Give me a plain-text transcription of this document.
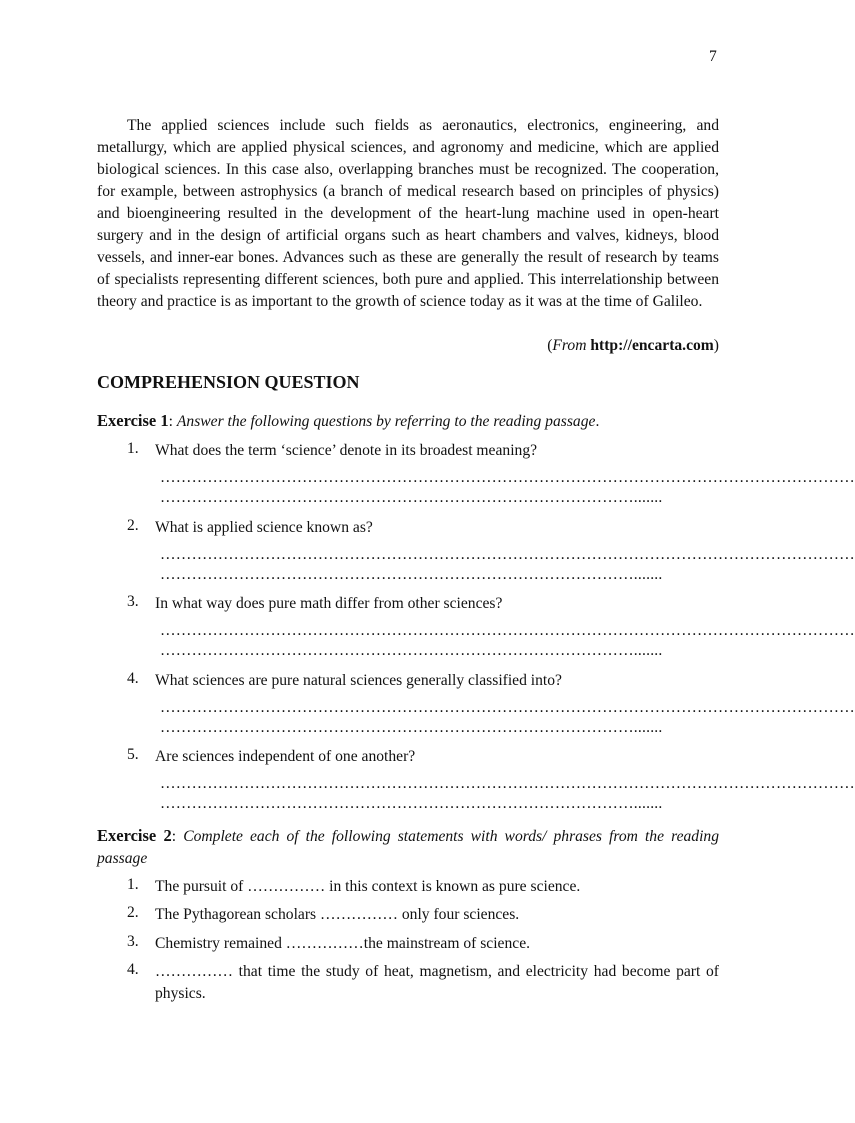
7

The applied sciences include such fields as aeronautics, electronics, engineering, and metallurgy, which are applied physical sciences, and agronomy and medicine, which are applied biological sciences. In this case also, overlapping branches must be recognized. The cooperation, for example, between astrophysics (a branch of medical research based on principles of physics) and bioengineering resulted in the development of the heart-lung machine used in open-heart surgery and in the design of artificial organs such as heart chambers and valves, kidneys, blood vessels, and inner-ear bones. Advances such as these are generally the result of research by teams of specialists representing different sciences, both pure and applied. This interrelationship between theory and practice is as important to the growth of science today as it was at the time of Galileo.

(From http://encarta.com)
COMPREHENSION QUESTION
Exercise 1: Answer the following questions by referring to the reading passage.
1. What does the term ‘science’ denote in its broadest meaning?
……………………………………………………………………………………………………………………
……………………………………………………………………………….......
2. What is applied science known as?
……………………………………………………………………………………………………………………
……………………………………………………………………………….......
3. In what way does pure math differ from other sciences?
……………………………………………………………………………………………………………………
……………………………………………………………………………….......
4. What sciences are pure natural sciences generally classified into?
……………………………………………………………………………………………………………………
……………………………………………………………………………….......
5. Are sciences independent of one another?
……………………………………………………………………………………………………………………
……………………………………………………………………………….......
Exercise 2: Complete each of the following statements with words/ phrases from the reading passage
1. The pursuit of …………… in this context is known as pure science.
2. The Pythagorean scholars …………… only four sciences.
3. Chemistry remained ……………the mainstream of science.
4. …………… that time the study of heat, magnetism, and electricity had become part of physics.
